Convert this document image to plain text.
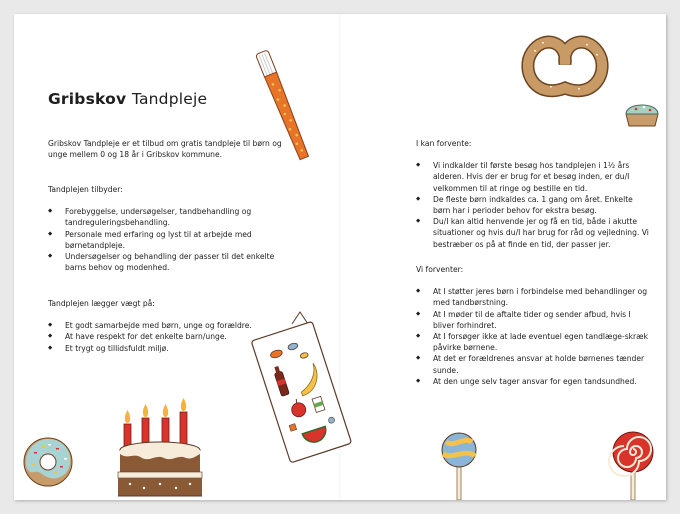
Gribskov Tandpleje

Gribskov Tandpleje er et tilbud om gratis tandpleje til børn og unge mellem 0 og 18 år i Gribskov kommune.

Tandplejen tilbyder:

◆ Forebyggelse, undersøgelser, tandbehandling og tandreguleringsbehandling.
◆ Personale med erfaring og lyst til at arbejde med børnetandpleje.
◆ Undersøgelser og behandling der passer til det enkelte barns behov og modenhed.

Tandplejen lægger vægt på:

◆ Et godt samarbejde med børn, unge og forældre.
◆ At have respekt for det enkelte barn/unge.
◆ Et trygt og tillidsfuldt miljø.

I kan forvente:

◆ Vi indkalder til første besøg hos tandplejen i 1½ års alderen. Hvis der er brug for et besøg inden, er du/I velkommen til at ringe og bestille en tid.
◆ De fleste børn indkaldes ca. 1 gang om året. Enkelte børn har i perioder behov for ekstra besøg.
◆ Du/I kan altid henvende jer og få en tid, både i akutte situationer og hvis du/I har brug for råd og vejledning. Vi bestræber os på at finde en tid, der passer jer.

Vi forventer:

◆ At I støtter jeres børn i forbindelse med behandlinger og med tandbørstning.
◆ At I møder til de aftalte tider og sender afbud, hvis I bliver forhindret.
◆ At I forsøger ikke at lade eventuel egen tandlæge-skræk påvirke børnene.
◆ At det er forældrenes ansvar at holde børnenes tænder sunde.
◆ At den unge selv tager ansvar for egen tandsundhed.
